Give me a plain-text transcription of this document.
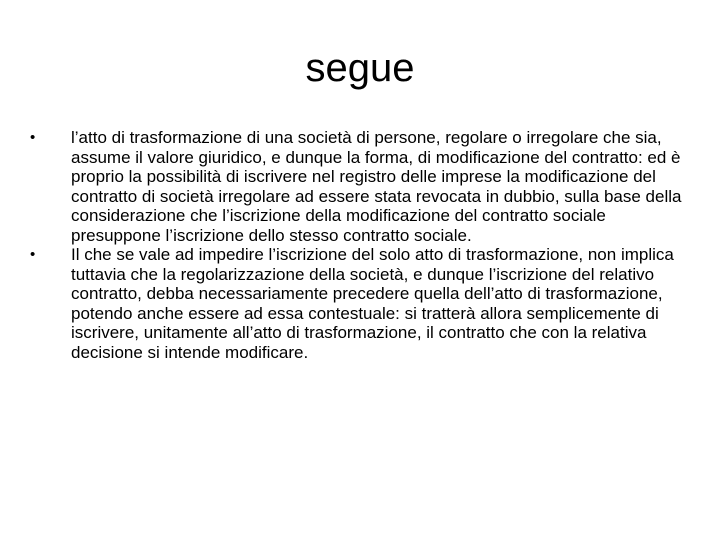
segue
•	l’atto di trasformazione di una società di persone, regolare o irregolare che sia, assume il valore giuridico, e dunque la forma, di modificazione del contratto: ed è proprio la possibilità di iscrivere nel registro delle imprese la modificazione del contratto di società irregolare ad essere stata revocata in dubbio, sulla base della considerazione che l’iscrizione della modificazione del contratto sociale presuppone l’iscrizione dello stesso contratto sociale.
•	Il che se vale ad impedire l’iscrizione del solo atto di trasformazione, non implica tuttavia che la regolarizzazione della società, e dunque l’iscrizione del relativo contratto, debba necessariamente precedere quella dell’atto di trasformazione, potendo anche essere ad essa contestuale: si tratterà allora semplicemente di iscrivere, unitamente all’atto di trasformazione, il contratto che con la relativa decisione si intende modificare.
